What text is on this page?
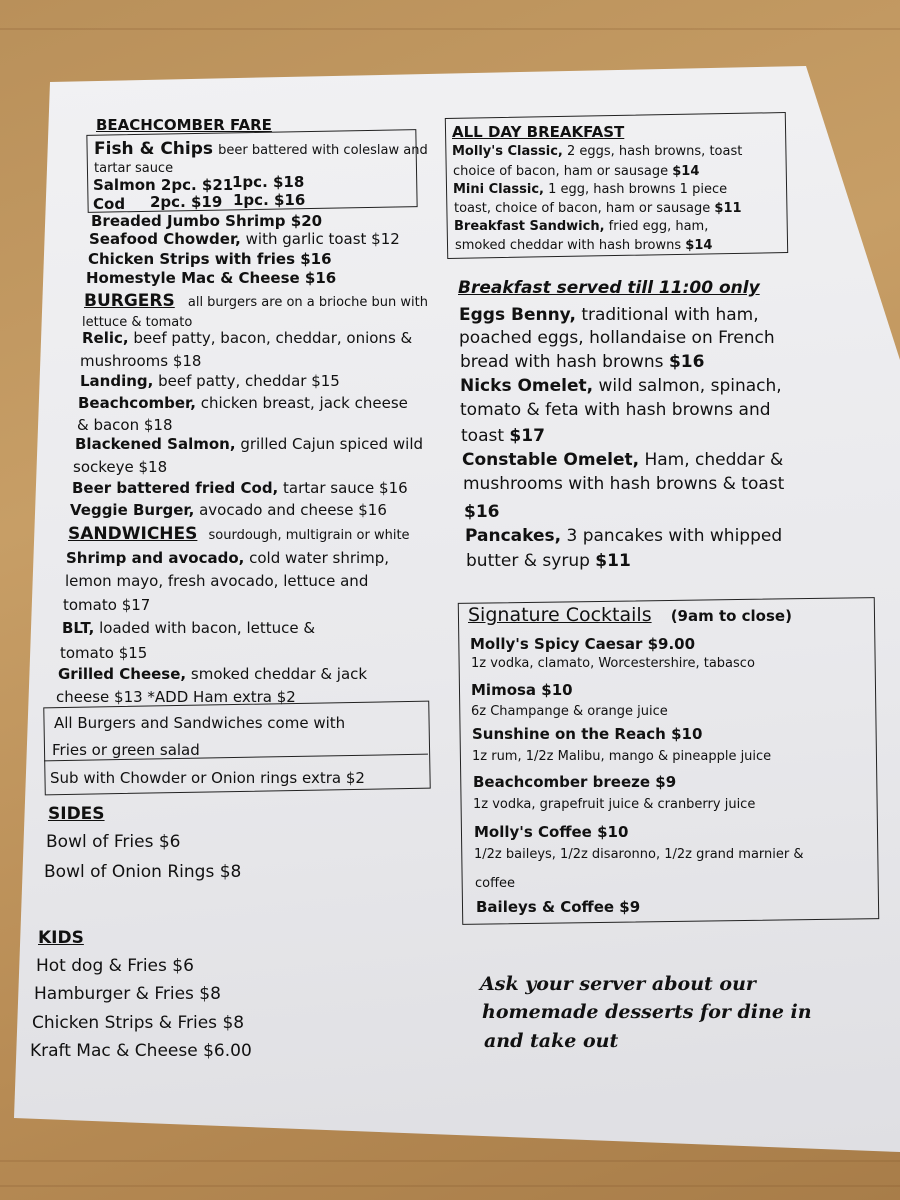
BEACHCOMBER FARE
Fish & Chips beer battered with coleslaw and
tartar sauce
Salmon 2pc. $21
1pc. $18
Cod 2pc. $19 1pc. $16
Breaded Jumbo Shrimp $20
Seafood Chowder, with garlic toast $12
Chicken Strips with fries $16
Homestyle Mac & Cheese $16
BURGERS all burgers are on a brioche bun with
lettuce & tomato
Relic, beef patty, bacon, cheddar, onions &
mushrooms $18
Landing, beef patty, cheddar $15
Beachcomber, chicken breast, jack cheese
& bacon $18
Blackened Salmon, grilled Cajun spiced wild
sockeye $18
Beer battered fried Cod, tartar sauce $16
Veggie Burger, avocado and cheese $16
SANDWICHES sourdough, multigrain or white
Shrimp and avocado, cold water shrimp,
lemon mayo, fresh avocado, lettuce and
tomato $17
BLT, loaded with bacon, lettuce &
tomato $15
Grilled Cheese, smoked cheddar & jack
cheese $13 *ADD Ham extra $2
All Burgers and Sandwiches come with
Fries or green salad
Sub with Chowder or Onion rings extra $2
SIDES
Bowl of Fries $6
Bowl of Onion Rings $8
KIDS
Hot dog & Fries $6
Hamburger & Fries $8
Chicken Strips & Fries $8
Kraft Mac & Cheese $6.00
ALL DAY BREAKFAST
Molly's Classic, 2 eggs, hash browns, toast
choice of bacon, ham or sausage $14
Mini Classic, 1 egg, hash browns 1 piece
toast, choice of bacon, ham or sausage $11
Breakfast Sandwich, fried egg, ham,
smoked cheddar with hash browns $14
Breakfast served till 11:00 only
Eggs Benny, traditional with ham,
poached eggs, hollandaise on French
bread with hash browns $16
Nicks Omelet, wild salmon, spinach,
tomato & feta with hash browns and
toast $17
Constable Omelet, Ham, cheddar &
mushrooms with hash browns & toast
$16
Pancakes, 3 pancakes with whipped
butter & syrup $11
Signature Cocktails (9am to close)
Molly's Spicy Caesar $9.00
1z vodka, clamato, Worcestershire, tabasco
Mimosa $10
6z Champange & orange juice
Sunshine on the Reach $10
1z rum, 1/2z Malibu, mango & pineapple juice
Beachcomber breeze $9
1z vodka, grapefruit juice & cranberry juice
Molly's Coffee $10
1/2z baileys, 1/2z disaronno, 1/2z grand marnier &
coffee
Baileys & Coffee $9
Ask your server about our
homemade desserts for dine in
and take out
